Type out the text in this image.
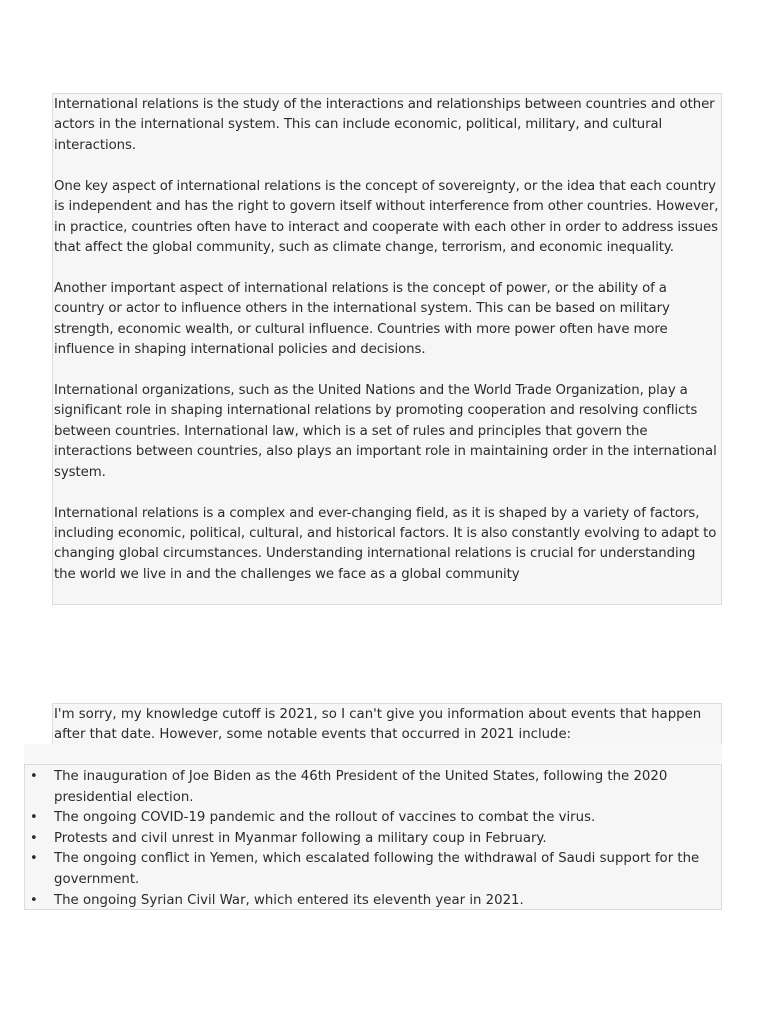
International relations is the study of the interactions and relationships between countries and other actors in the international system. This can include economic, political, military, and cultural interactions.

One key aspect of international relations is the concept of sovereignty, or the idea that each country is independent and has the right to govern itself without interference from other countries. However, in practice, countries often have to interact and cooperate with each other in order to address issues that affect the global community, such as climate change, terrorism, and economic inequality.

Another important aspect of international relations is the concept of power, or the ability of a country or actor to influence others in the international system. This can be based on military strength, economic wealth, or cultural influence. Countries with more power often have more influence in shaping international policies and decisions.

International organizations, such as the United Nations and the World Trade Organization, play a significant role in shaping international relations by promoting cooperation and resolving conflicts between countries. International law, which is a set of rules and principles that govern the interactions between countries, also plays an important role in maintaining order in the international system.

International relations is a complex and ever-changing field, as it is shaped by a variety of factors, including economic, political, cultural, and historical factors. It is also constantly evolving to adapt to changing global circumstances. Understanding international relations is crucial for understanding the world we live in and the challenges we face as a global community

I'm sorry, my knowledge cutoff is 2021, so I can't give you information about events that happen after that date. However, some notable events that occurred in 2021 include:
• The inauguration of Joe Biden as the 46th President of the United States, following the 2020 presidential election.
• The ongoing COVID-19 pandemic and the rollout of vaccines to combat the virus.
• Protests and civil unrest in Myanmar following a military coup in February.
• The ongoing conflict in Yemen, which escalated following the withdrawal of Saudi support for the government.
• The ongoing Syrian Civil War, which entered its eleventh year in 2021.
